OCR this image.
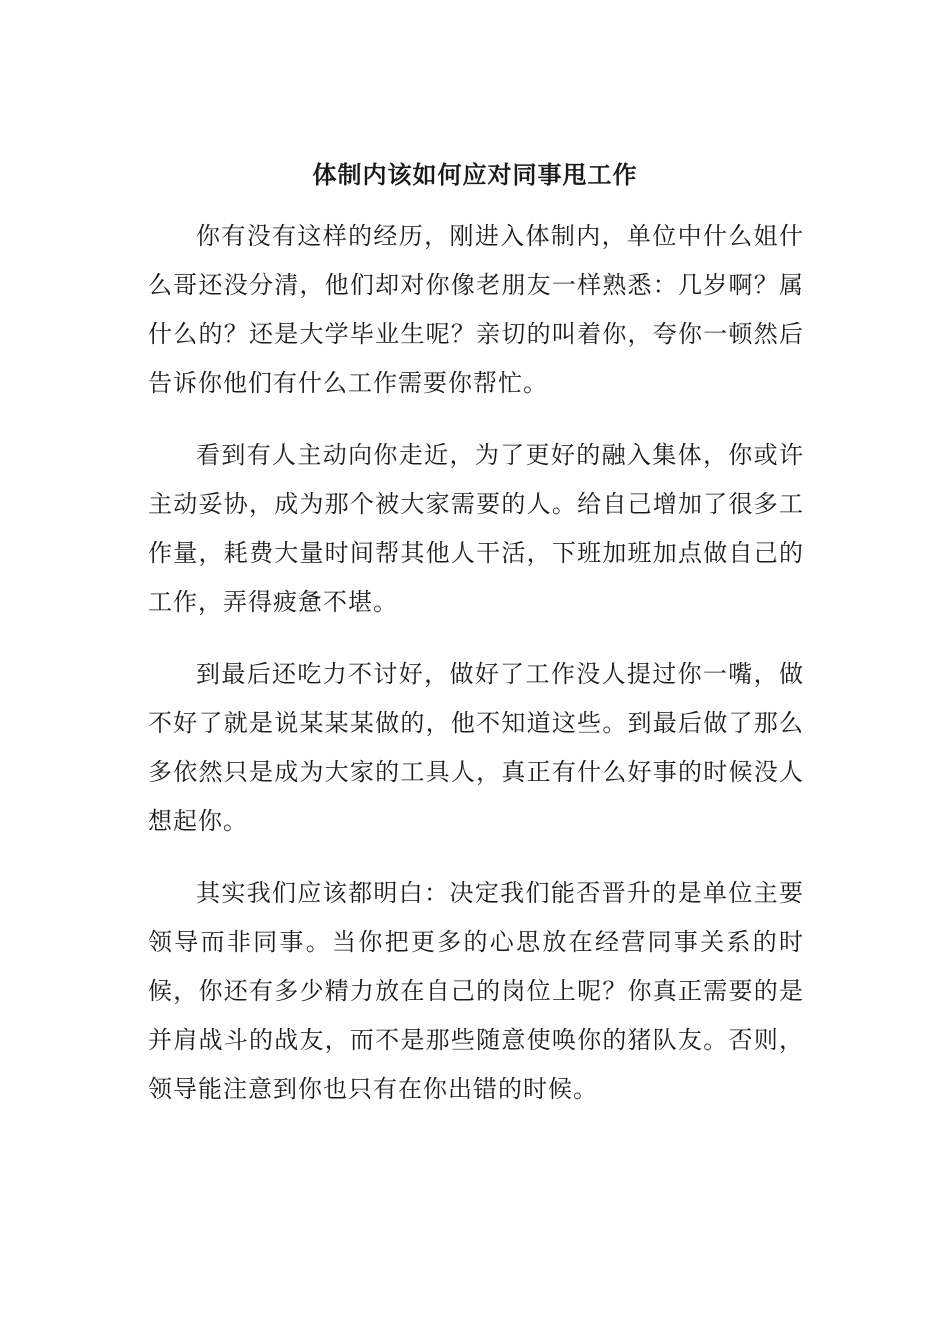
体制内该如何应对同事甩工作

你有没有这样的经历，刚进入体制内，单位中什么姐什么哥还没分清，他们却对你像老朋友一样熟悉：几岁啊？属什么的？还是大学毕业生呢？亲切的叫着你，夸你一顿然后告诉你他们有什么工作需要你帮忙。

看到有人主动向你走近，为了更好的融入集体，你或许主动妥协，成为那个被大家需要的人。给自己增加了很多工作量，耗费大量时间帮其他人干活，下班加班加点做自己的工作，弄得疲惫不堪。

到最后还吃力不讨好，做好了工作没人提过你一嘴，做不好了就是说某某某做的，他不知道这些。到最后做了那么多依然只是成为大家的工具人，真正有什么好事的时候没人想起你。

其实我们应该都明白：决定我们能否晋升的是单位主要领导而非同事。当你把更多的心思放在经营同事关系的时候，你还有多少精力放在自己的岗位上呢？你真正需要的是并肩战斗的战友，而不是那些随意使唤你的猪队友。否则，领导能注意到你也只有在你出错的时候。
